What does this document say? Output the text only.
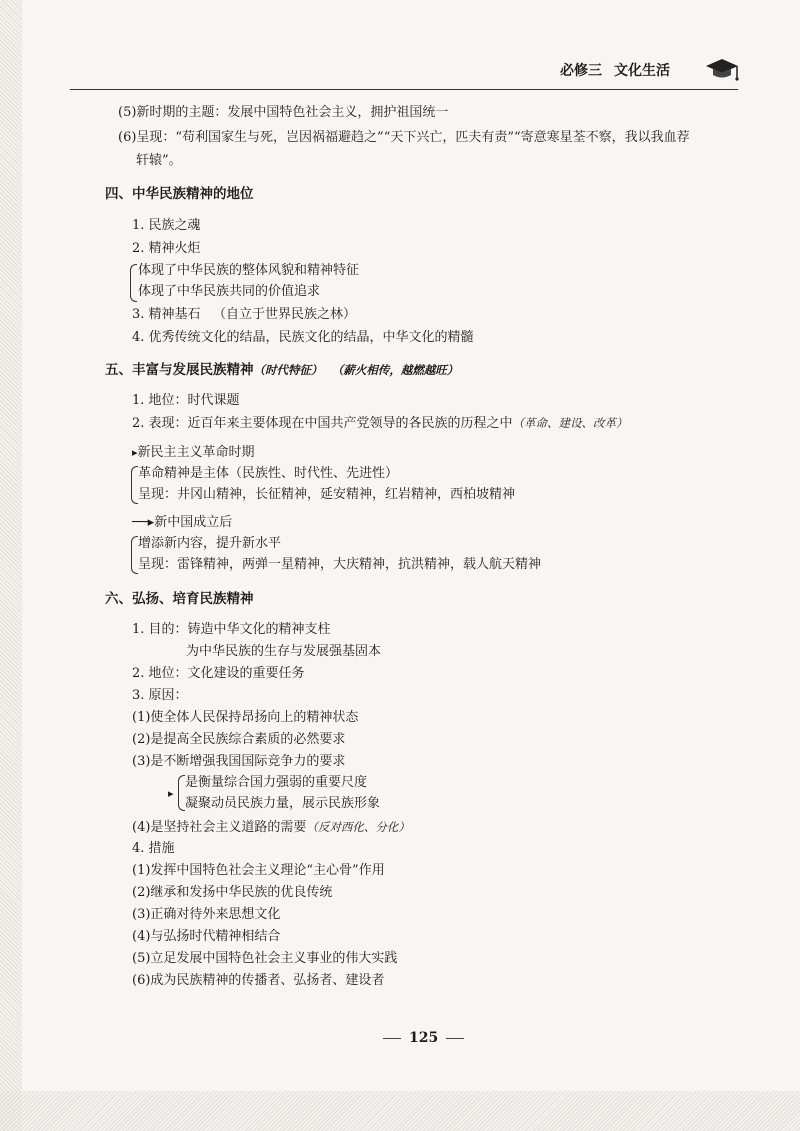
必修三 文化生活
(5)新时期的主题：发展中国特色社会主义，拥护祖国统一
(6)呈现：“苟利国家生与死，岂因祸福避趋之”“天下兴亡，匹夫有责”“寄意寒星荃不察，我以我血荐
轩辕”。
四、中华民族精神的地位
1. 民族之魂
2. 精神火炬
体现了中华民族的整体风貌和精神特征
体现了中华民族共同的价值追求
3. 精神基石 （自立于世界民族之林）
4. 优秀传统文化的结晶，民族文化的结晶，中华文化的精髓
五、丰富与发展民族精神（时代特征） （薪火相传，越燃越旺）
1. 地位：时代课题
2. 表现：近百年来主要体现在中国共产党领导的各民族的历程之中（革命、建设、改革）
▸新民主主义革命时期
革命精神是主体（民族性、时代性、先进性）
呈现：井冈山精神，长征精神，延安精神，红岩精神，西柏坡精神
──▸新中国成立后
增添新内容，提升新水平
呈现：雷锋精神，两弹一星精神，大庆精神，抗洪精神，载人航天精神
六、弘扬、培育民族精神
1. 目的：铸造中华文化的精神支柱
为中华民族的生存与发展强基固本
2. 地位：文化建设的重要任务
3. 原因：
(1)使全体人民保持昂扬向上的精神状态
(2)是提高全民族综合素质的必然要求
(3)是不断增强我国国际竞争力的要求
▸
是衡量综合国力强弱的重要尺度
凝聚动员民族力量，展示民族形象
(4)是坚持社会主义道路的需要（反对西化、分化）
4. 措施
(1)发挥中国特色社会主义理论“主心骨”作用
(2)继承和发扬中华民族的优良传统
(3)正确对待外来思想文化
(4)与弘扬时代精神相结合
(5)立足发展中国特色社会主义事业的伟大实践
(6)成为民族精神的传播者、弘扬者、建设者
125
